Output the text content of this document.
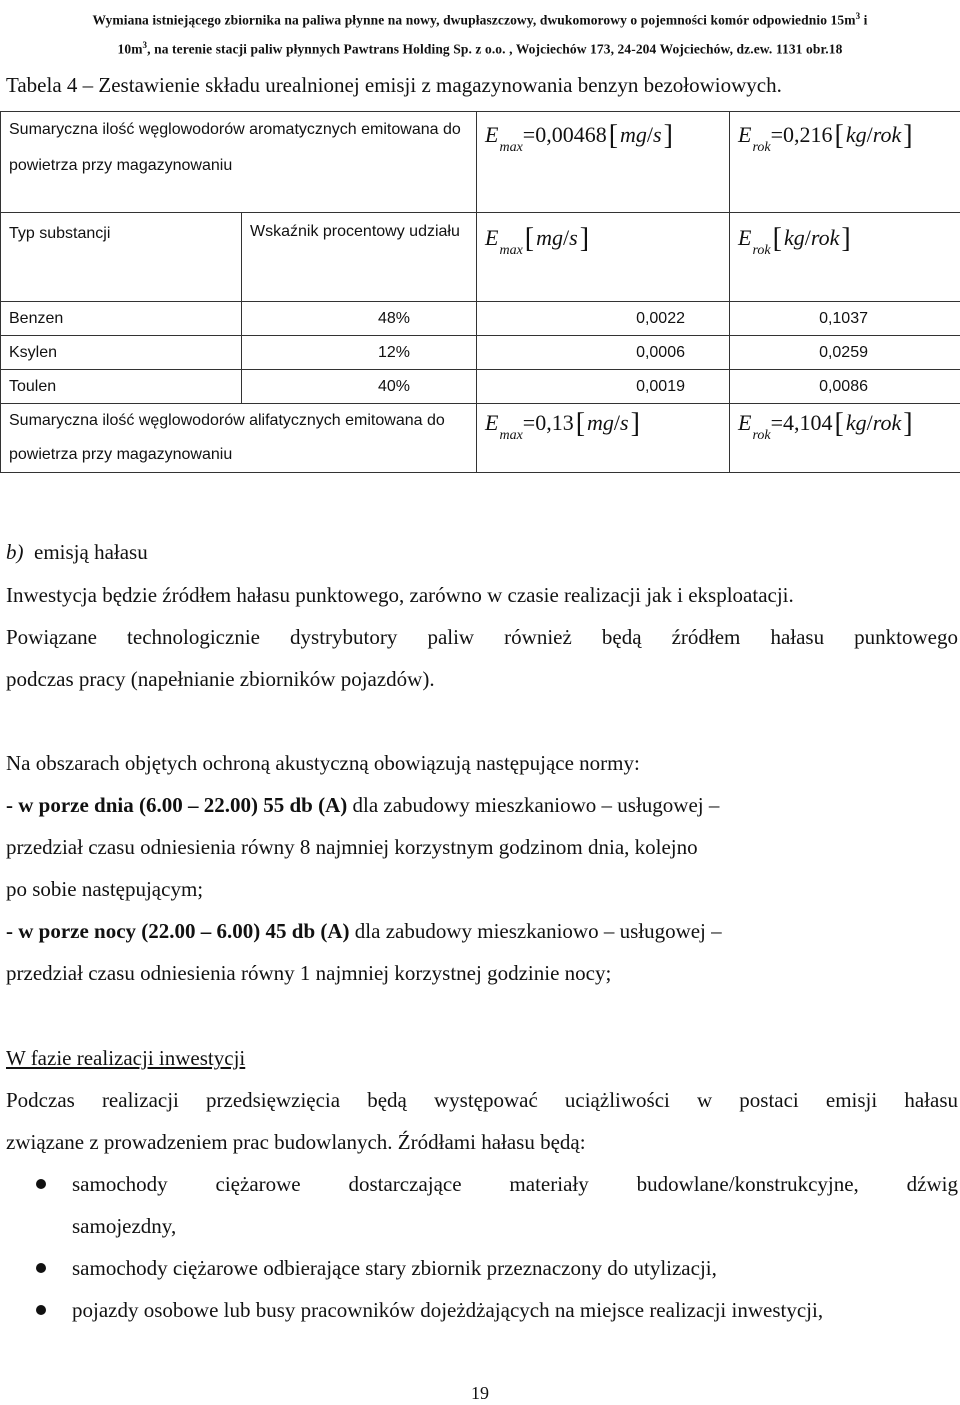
Wymiana istniejącego zbiornika na paliwa płynne na nowy, dwupłaszczowy, dwukomorowy o pojemności komór odpowiednio $15m^3$ i
$10m^3$, na terenie stacji paliw płynnych Pawtrans Holding Sp. z o.o. , Wojciechów 173, 24-204 Wojciechów, dz.ew. 1131 obr.18
Tabela 4 – Zestawienie składu urealnionej emisji z magazynowania benzyn bezołowiowych.
Sumaryczna ilość węglowodorów aromatycznych emitowana do powietrza przy magazynowaniu		$E_{max}=0,00468[mg/s]$	$E_{rok}=0,216[kg/rok]$
Typ substancji	Wskaźnik procentowy udziału	$E_{max}[mg/s]$	$E_{rok}[kg/rok]$
Benzen	48%	0,0022	0,1037
Ksylen	12%	0,0006	0,0259
Toulen	40%	0,0019	0,0086
Sumaryczna ilość węglowodorów alifatycznych emitowana do powietrza przy magazynowaniu		$E_{max}=0,13[mg/s]$	$E_{rok}=4,104[kg/rok]$
b) emisją hałasu
Inwestycja będzie źródłem hałasu punktowego, zarówno w czasie realizacji jak i eksploatacji.
Powiązane technologicznie dystrybutory paliw również będą źródłem hałasu punktowego
podczas pracy (napełnianie zbiorników pojazdów).
Na obszarach objętych ochroną akustyczną obowiązują następujące normy:
- w porze dnia (6.00 – 22.00) 55 db (A) dla zabudowy mieszkaniowo – usługowej –
przedział czasu odniesienia równy 8 najmniej korzystnym godzinom dnia, kolejno
po sobie następującym;
- w porze nocy (22.00 – 6.00) 45 db (A) dla zabudowy mieszkaniowo – usługowej –
przedział czasu odniesienia równy 1 najmniej korzystnej godzinie nocy;
W fazie realizacji inwestycji
Podczas realizacji przedsięwzięcia będą występować uciążliwości w postaci emisji hałasu
związane z prowadzeniem prac budowlanych. Źródłami hałasu będą:
samochody ciężarowe dostarczające materiały budowlane/konstrukcyjne, dźwig
samojezdny,
samochody ciężarowe odbierające stary zbiornik przeznaczony do utylizacji,
pojazdy osobowe lub busy pracowników dojeżdżających na miejsce realizacji inwestycji,
19
